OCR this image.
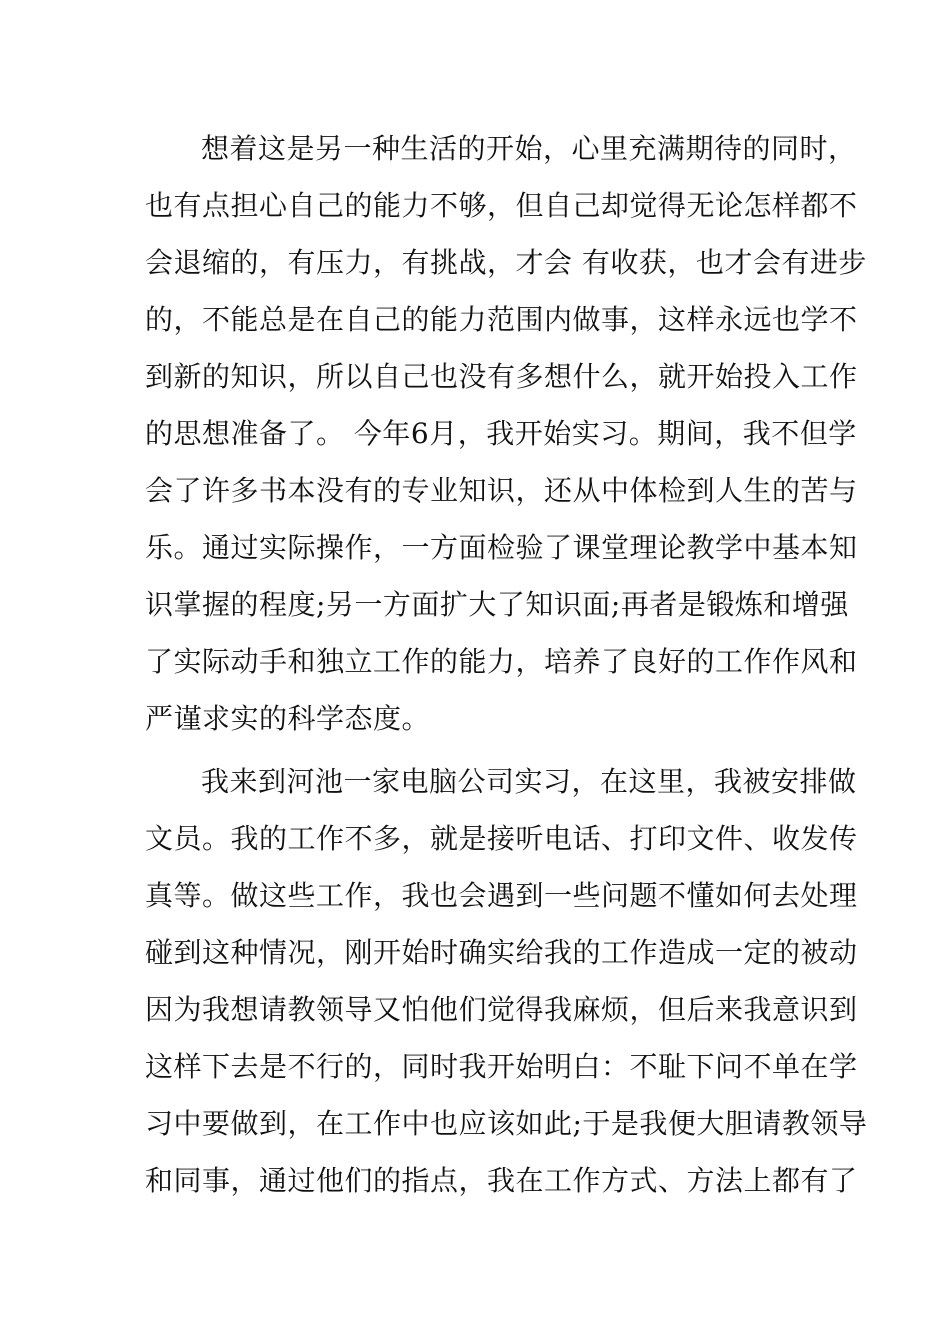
想着这是另一种生活的开始，心里充满期待的同时，
也有点担心自己的能力不够，但自己却觉得无论怎样都不
会退缩的，有压力，有挑战，才会 有收获，也才会有进步
的，不能总是在自己的能力范围内做事，这样永远也学不
到新的知识，所以自己也没有多想什么，就开始投入工作
的思想准备了。 今年6月，我开始实习。期间，我不但学
会了许多书本没有的专业知识，还从中体检到人生的苦与
乐。通过实际操作，一方面检验了课堂理论教学中基本知
识掌握的程度;另一方面扩大了知识面;再者是锻炼和增强
了实际动手和独立工作的能力，培养了良好的工作作风和
严谨求实的科学态度。
我来到河池一家电脑公司实习，在这里，我被安排做
文员。我的工作不多，就是接听电话、打印文件、收发传
真等。做这些工作，我也会遇到一些问题不懂如何去处理
碰到这种情况，刚开始时确实给我的工作造成一定的被动
因为我想请教领导又怕他们觉得我麻烦，但后来我意识到
这样下去是不行的，同时我开始明白：不耻下问不单在学
习中要做到，在工作中也应该如此;于是我便大胆请教领导
和同事，通过他们的指点，我在工作方式、方法上都有了
